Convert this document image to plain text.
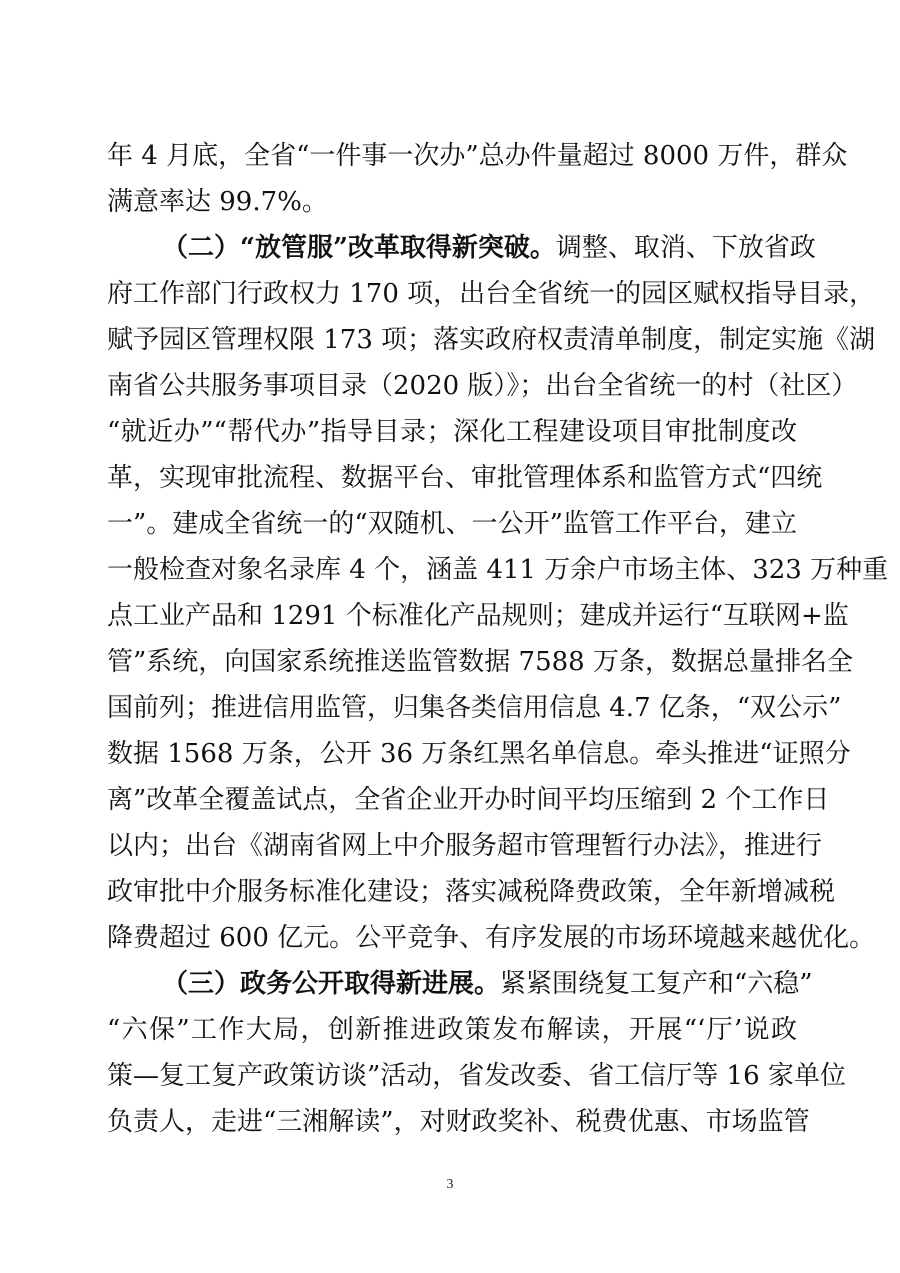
年 4 月底，全省“一件事一次办”总办件量超过 8000 万件，群众
满意率达 99.7%。
（二）“放管服”改革取得新突破。调整、取消、下放省政
府工作部门行政权力 170 项，出台全省统一的园区赋权指导目录，
赋予园区管理权限 173 项；落实政府权责清单制度，制定实施《湖
南省公共服务事项目录（2020 版）》；出台全省统一的村（社区）
“就近办”“帮代办”指导目录；深化工程建设项目审批制度改
革，实现审批流程、数据平台、审批管理体系和监管方式“四统
一”。建成全省统一的“双随机、一公开”监管工作平台，建立
一般检查对象名录库 4 个，涵盖 411 万余户市场主体、323 万种重
点工业产品和 1291 个标准化产品规则；建成并运行“互联网+监
管”系统，向国家系统推送监管数据 7588 万条，数据总量排名全
国前列；推进信用监管，归集各类信用信息 4.7 亿条，“双公示”
数据 1568 万条，公开 36 万条红黑名单信息。牵头推进“证照分
离”改革全覆盖试点，全省企业开办时间平均压缩到 2 个工作日
以内；出台《湖南省网上中介服务超市管理暂行办法》，推进行
政审批中介服务标准化建设；落实减税降费政策，全年新增减税
降费超过 600 亿元。公平竞争、有序发展的市场环境越来越优化。
（三）政务公开取得新进展。紧紧围绕复工复产和“六稳”
“六保”工作大局，创新推进政策发布解读，开展“‘厅’说政
策—复工复产政策访谈”活动，省发改委、省工信厅等 16 家单位
负责人，走进“三湘解读”，对财政奖补、税费优惠、市场监管
3
